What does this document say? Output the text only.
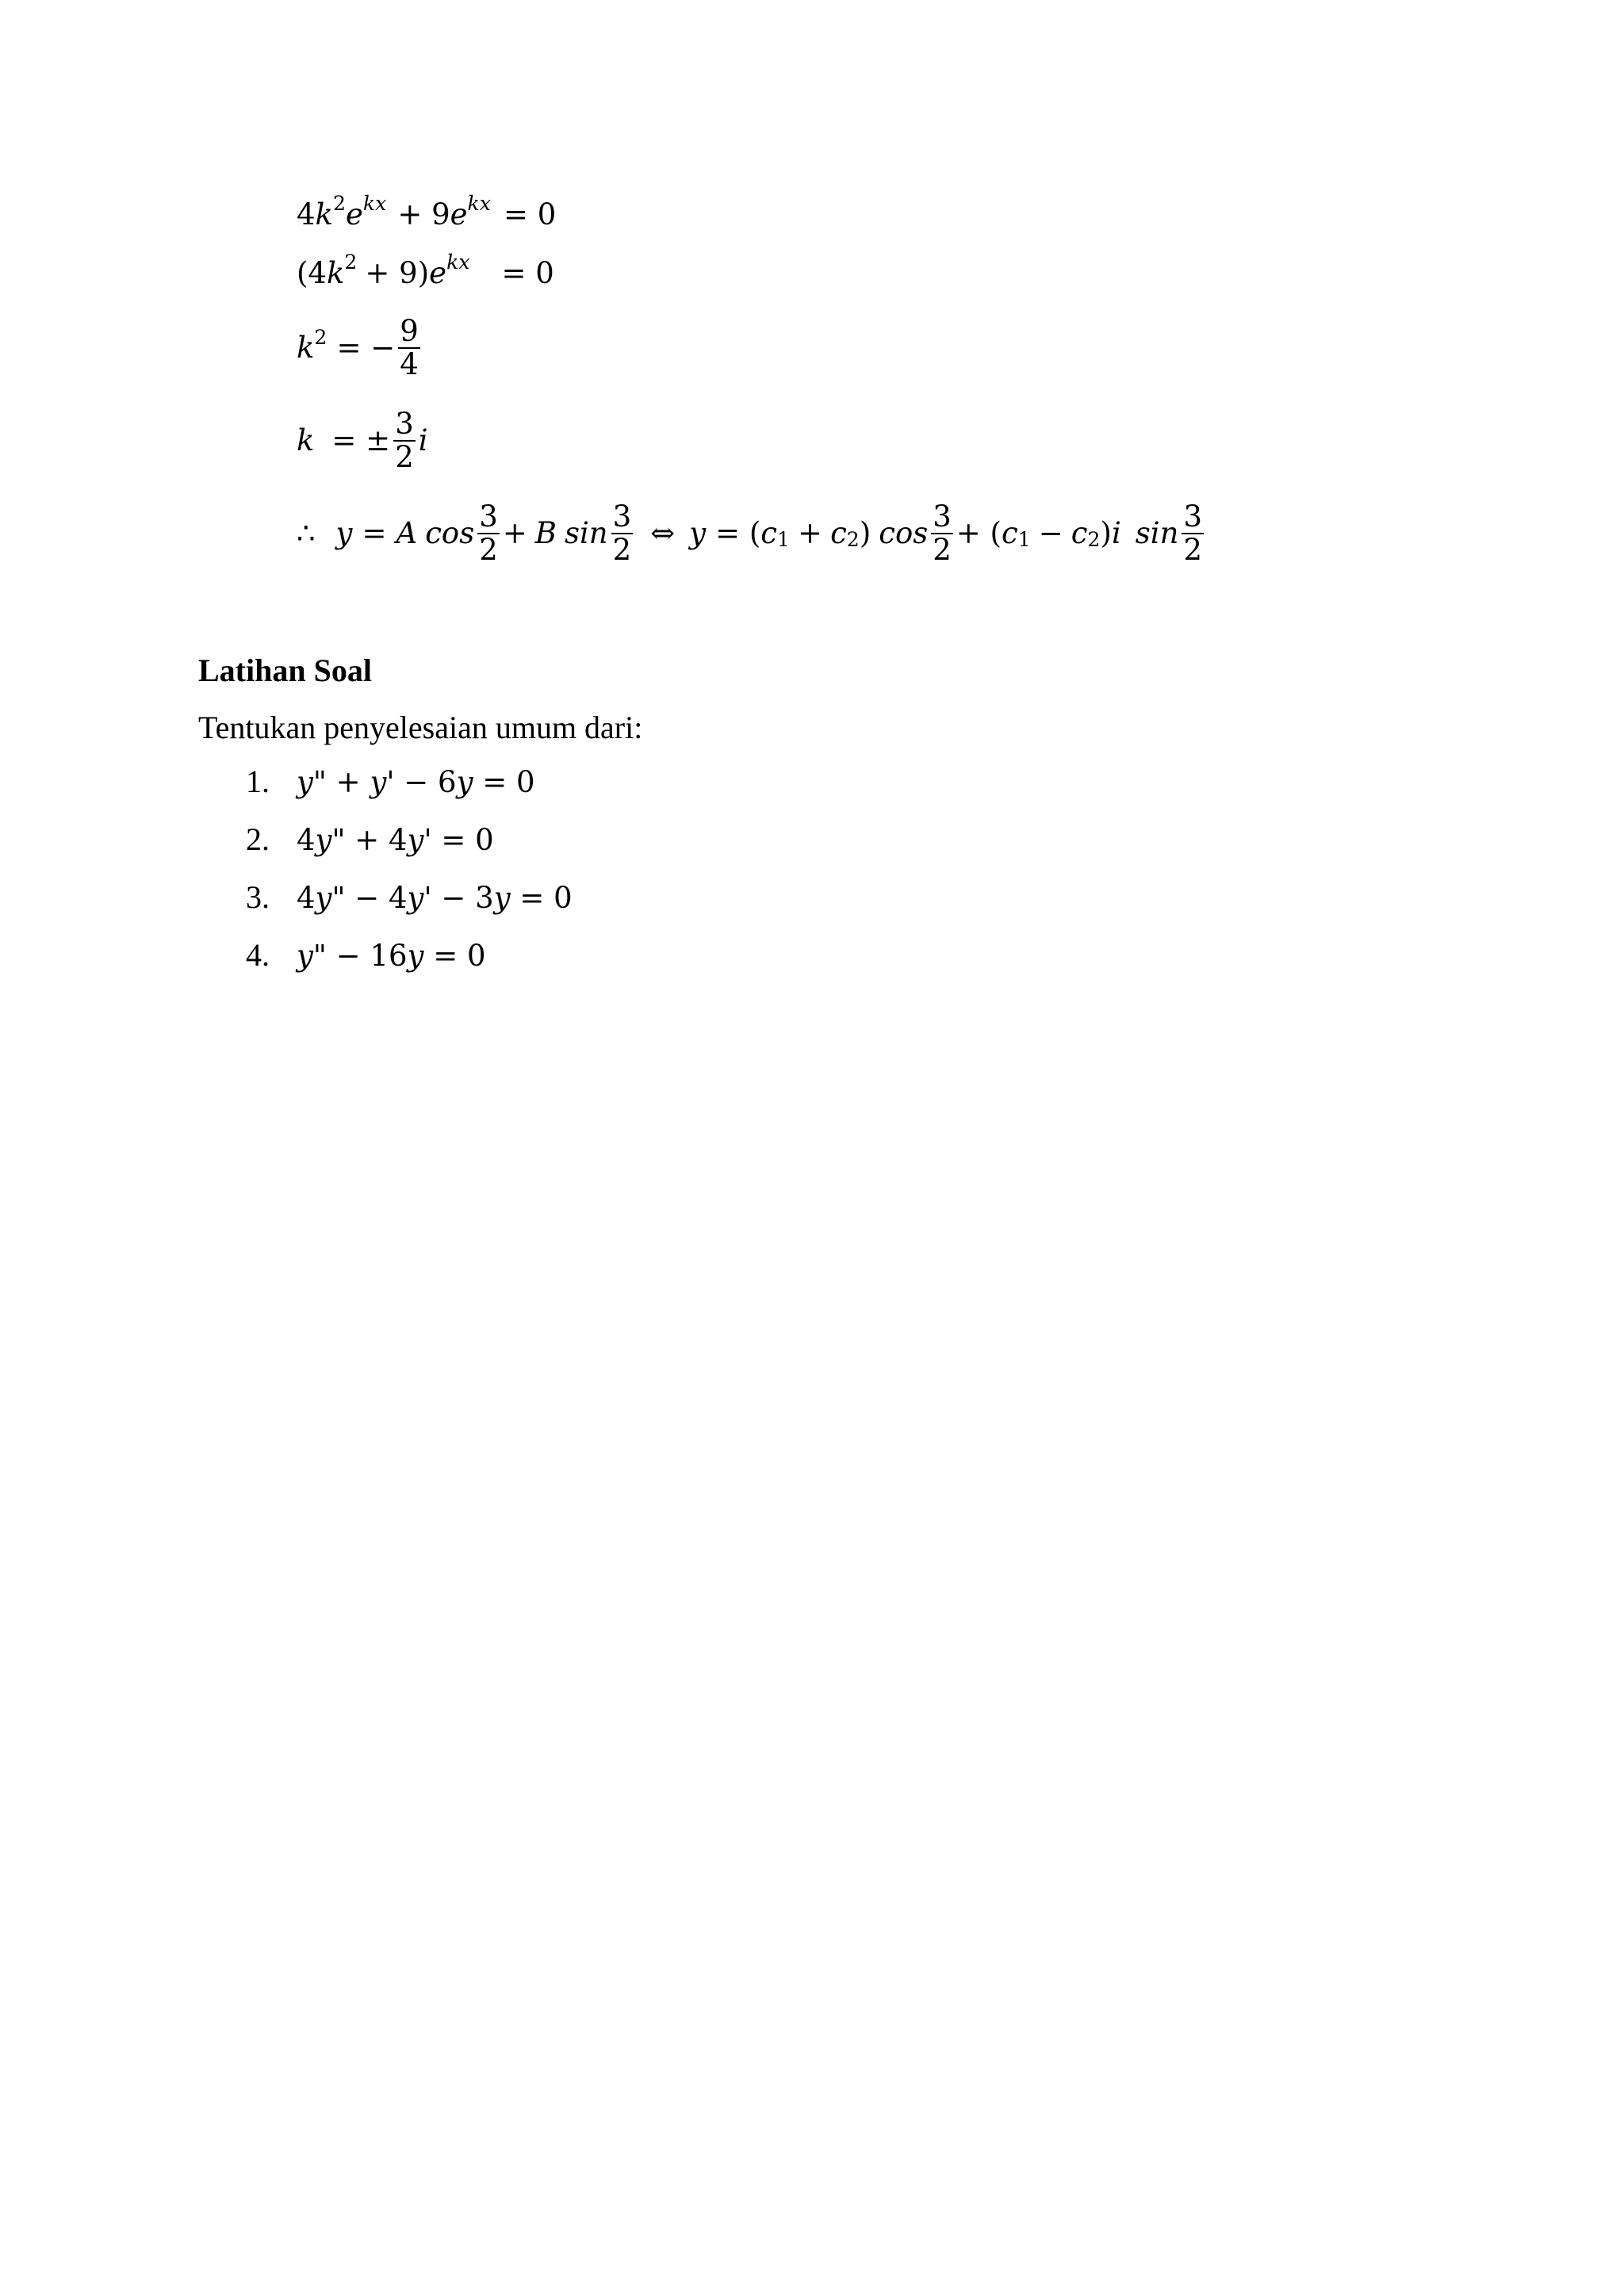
4 $k^2$ e $^{kx}$ + 9 e $^{kx}$ = 0
(4 $k^2 + 9$) e $^{kx}$ = 0
$k^2$ = − $\frac{9}{4}$
k = ± $\frac{3}{2}$ i
∴ y = A $\cos \frac{3}{2} + B$ $\sin \frac{3}{2}$ ⇔ y = ( $c_1 + c_2$ ) $\cos \frac{3}{2}$ + ( $c_1 - c_2$ ) i $\sin \frac{3}{2}$
Latihan Soal
Tentukan penyelesaian umum dari:
1. y" + y' − 6y = 0
2. 4y" + 4y' = 0
3. 4y" − 4y' − 3y = 0
4. y" − 16y = 0
